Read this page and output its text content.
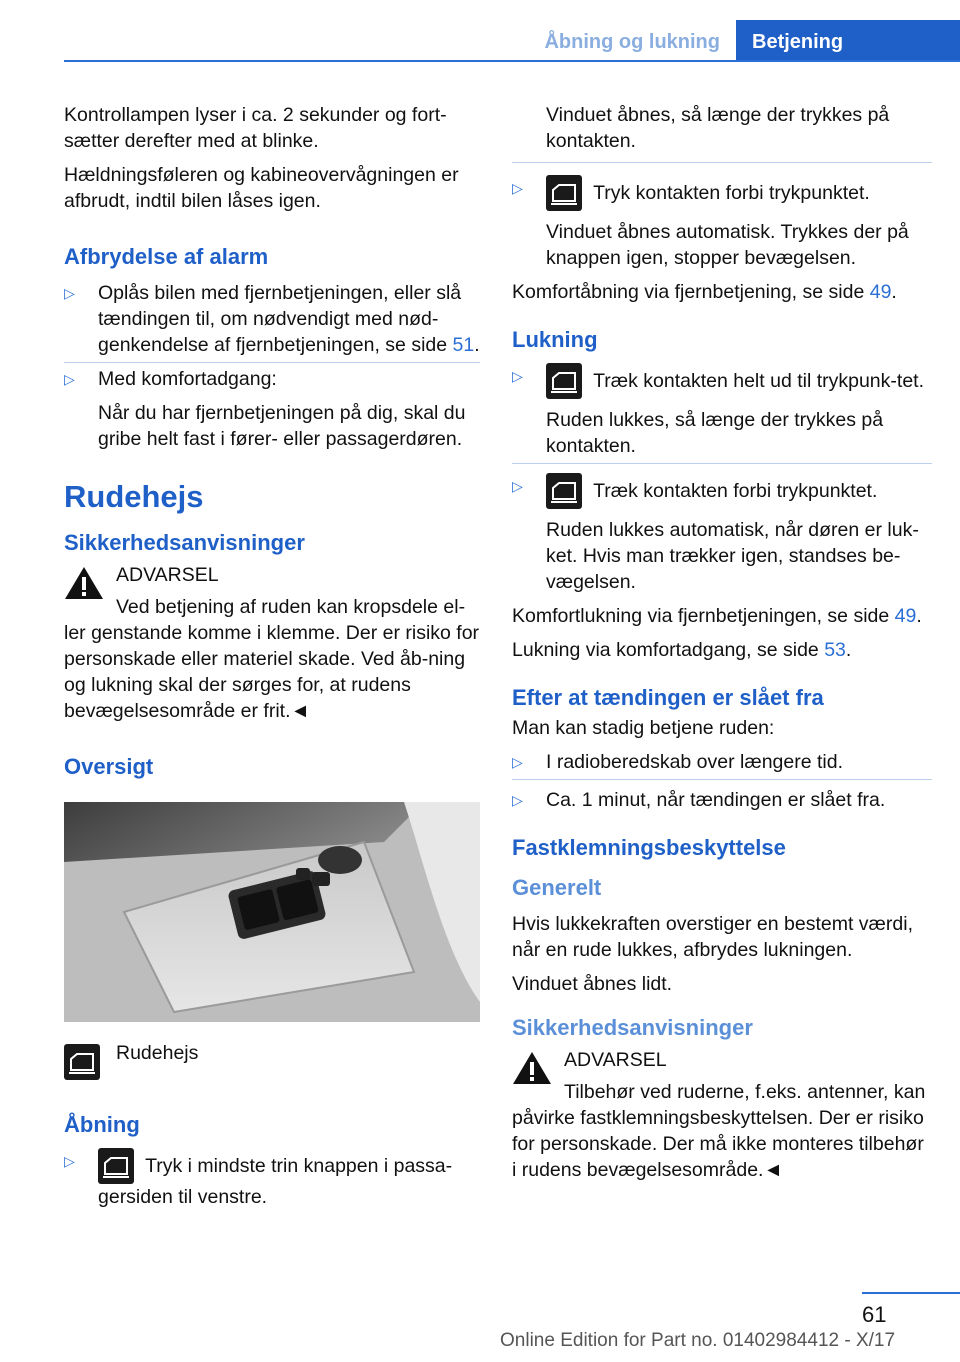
Åbning og lukning	Betjening

Kontrollampen lyser i ca. 2 sekunder og fort-sætter derefter med at blinke.

Hældningsføleren og kabineovervågningen er afbrudt, indtil bilen låses igen.

Afbrydelse af alarm
▷ Oplås bilen med fjernbetjeningen, eller slå tændingen til, om nødvendigt med nød-genkendelse af fjernbetjeningen, se side 51.
▷ Med komfortadgang:
Når du har fjernbetjeningen på dig, skal du gribe helt fast i fører- eller passagerdøren.
Rudehejs
Sikkerhedsanvisninger
ADVARSEL

Ved betjening af ruden kan kropsdele el-ler genstande komme i klemme. Der er risiko for personskade eller materiel skade. Ved åb-ning og lukning skal der sørges for, at rudens bevægelsesområde er frit.◄

Oversigt
Rudehejs
Åbning
▷	Tryk i mindste trin knappen i passa-gersiden til venstre.

Vinduet åbnes, så længe der trykkes på kontakten.

▷	Tryk kontakten forbi trykpunktet.
Vinduet åbnes automatisk. Trykkes der på knappen igen, stopper bevægelsen.

Komfortåbning via fjernbetjening, se side 49.

Lukning
▷	Træk kontakten helt ud til trykpunk-tet.
Ruden lukkes, så længe der trykkes på kontakten.
▷	Træk kontakten forbi trykpunktet.
Ruden lukkes automatisk, når døren er luk-ket. Hvis man trækker igen, standses be-vægelsen.

Komfortlukning via fjernbetjeningen, se side 49.

Lukning via komfortadgang, se side 53.

Efter at tændingen er slået fra

Man kan stadig betjene ruden:

▷ I radioberedskab over længere tid.
▷ Ca. 1 minut, når tændingen er slået fra.
Fastklemningsbeskyttelse
Generelt

Hvis lukkekraften overstiger en bestemt værdi, når en rude lukkes, afbrydes lukningen.

Vinduet åbnes lidt.

Sikkerhedsanvisninger
ADVARSEL

Tilbehør ved ruderne, f.eks. antenner, kan påvirke fastklemningsbeskyttelsen. Der er risiko for personskade. Der må ikke monteres tilbehør i rudens bevægelsesområde.◄

61
Online Edition for Part no. 01402984412 - X/17
